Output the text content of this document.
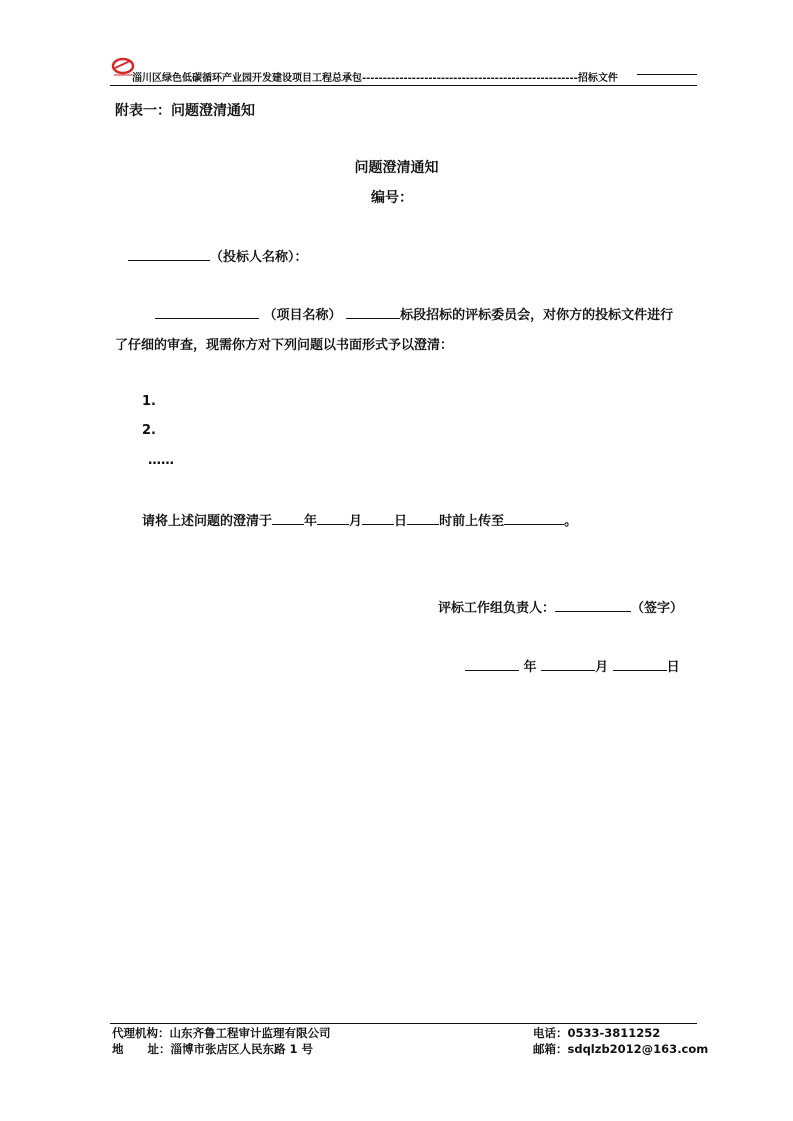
淄川区绿色低碳循环产业园开发建设项目工程总承包----------------------------------------------------招标文件
附表一：问题澄清通知
问题澄清通知
编号：
（投标人名称）：
（项目名称）	标段招标的评标委员会，对你方的投标文件进行
了仔细的审查，现需你方对下列问题以书面形式予以澄清：
1.
2.
……
请将上述问题的澄清于 年 月 日 时前上传至	。
评标工作组负责人：	（签字）
年	月	日
代理机构：山东齐鲁工程审计监理有限公司	电话：0533-3811252
地      址：淄博市张店区人民东路 1 号	邮箱：sdqlzb2012@163.com
